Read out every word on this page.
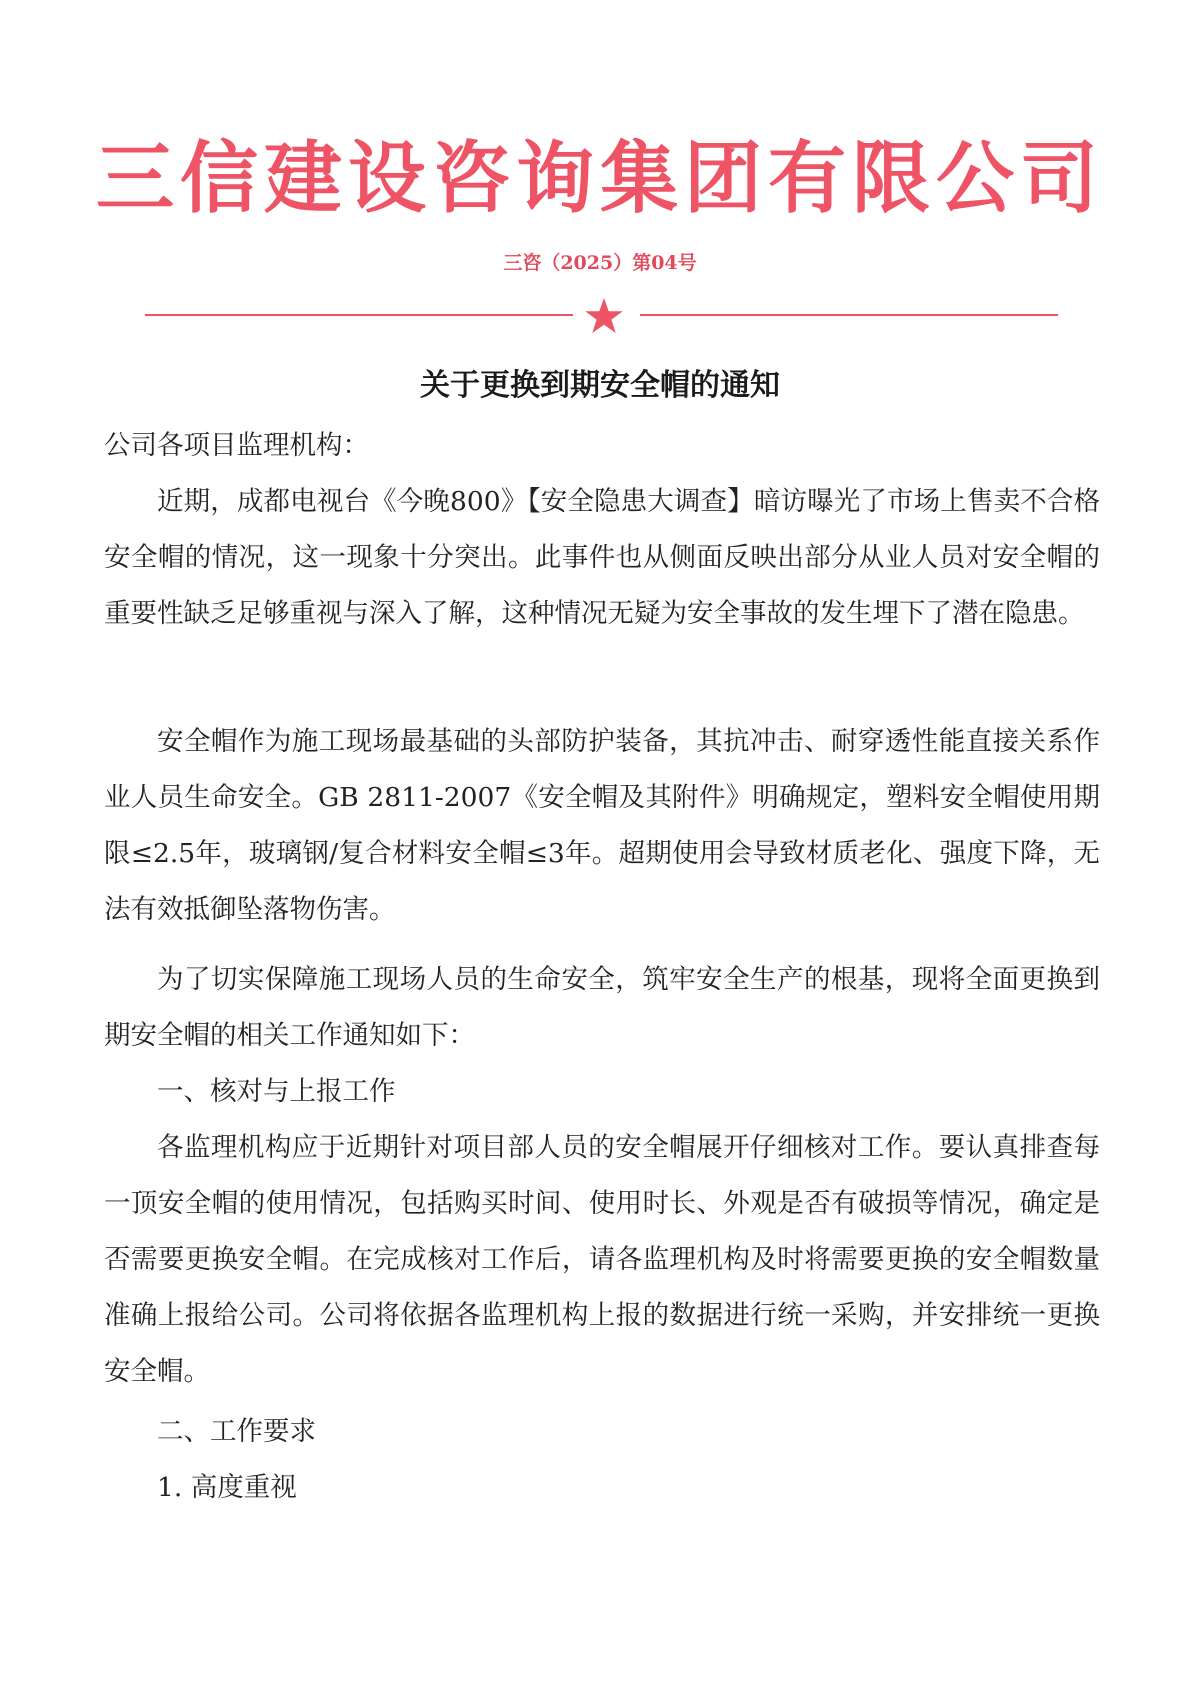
三信建设咨询集团有限公司
三咨（2025）第04号
关于更换到期安全帽的通知
公司各项目监理机构：

近期，成都电视台《今晚800》【安全隐患大调查】暗访曝光了市场上售卖不合格安全帽的情况，这一现象十分突出。此事件也从侧面反映出部分从业人员对安全帽的重要性缺乏足够重视与深入了解，这种情况无疑为安全事故的发生埋下了潜在隐患。

安全帽作为施工现场最基础的头部防护装备，其抗冲击、耐穿透性能直接关系作业人员生命安全。GB 2811-2007《安全帽及其附件》明确规定，塑料安全帽使用期限≤2.5年，玻璃钢/复合材料安全帽≤3年。超期使用会导致材质老化、强度下降，无法有效抵御坠落物伤害。

为了切实保障施工现场人员的生命安全，筑牢安全生产的根基，现将全面更换到期安全帽的相关工作通知如下：

一、核对与上报工作

各监理机构应于近期针对项目部人员的安全帽展开仔细核对工作。要认真排查每一顶安全帽的使用情况，包括购买时间、使用时长、外观是否有破损等情况，确定是否需要更换安全帽。在完成核对工作后，请各监理机构及时将需要更换的安全帽数量准确上报给公司。公司将依据各监理机构上报的数据进行统一采购，并安排统一更换安全帽。

二、工作要求
1. 高度重视
